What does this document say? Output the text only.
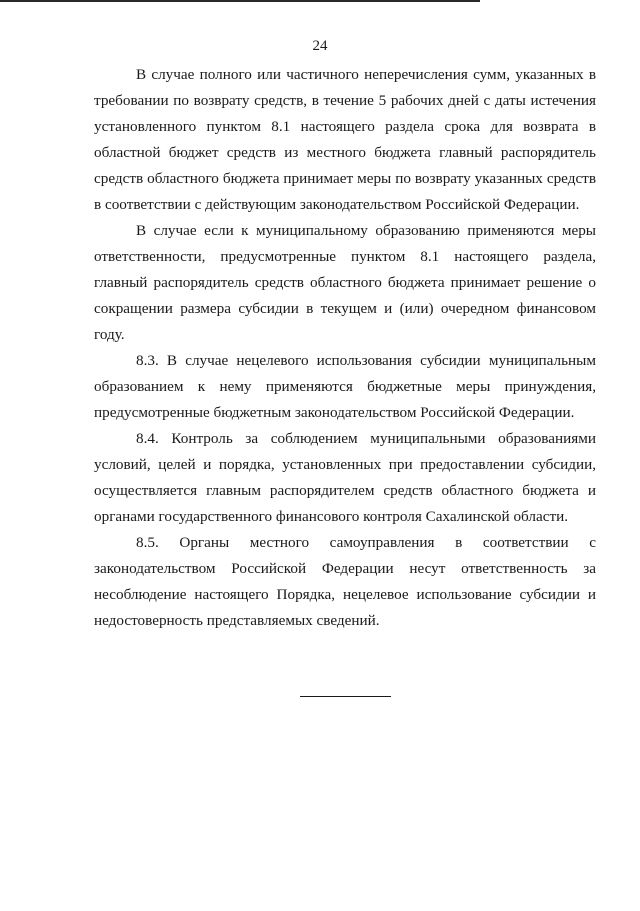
24

В случае полного или частичного неперечисления сумм, указанных в требовании по возврату средств, в течение 5 рабочих дней с даты истечения установленного пунктом 8.1 настоящего раздела срока для возврата в областной бюджет средств из местного бюджета главный распорядитель средств областного бюджета принимает меры по возврату указанных средств в соответствии с действующим законодательством Российской Федерации.

В случае если к муниципальному образованию применяются меры ответственности, предусмотренные пунктом 8.1 настоящего раздела, главный распорядитель средств областного бюджета принимает решение о сокращении размера субсидии в текущем и (или) очередном финансовом году.

8.3. В случае нецелевого использования субсидии муниципальным образованием к нему применяются бюджетные меры принуждения, предусмотренные бюджетным законодательством Российской Федерации.

8.4. Контроль за соблюдением муниципальными образованиями условий, целей и порядка, установленных при предоставлении субсидии, осуществляется главным распорядителем средств областного бюджета и органами государственного финансового контроля Сахалинской области.

8.5. Органы местного самоуправления в соответствии с законодательством Российской Федерации несут ответственность за несоблюдение настоящего Порядка, нецелевое использование субсидии и недостоверность представляемых сведений.
